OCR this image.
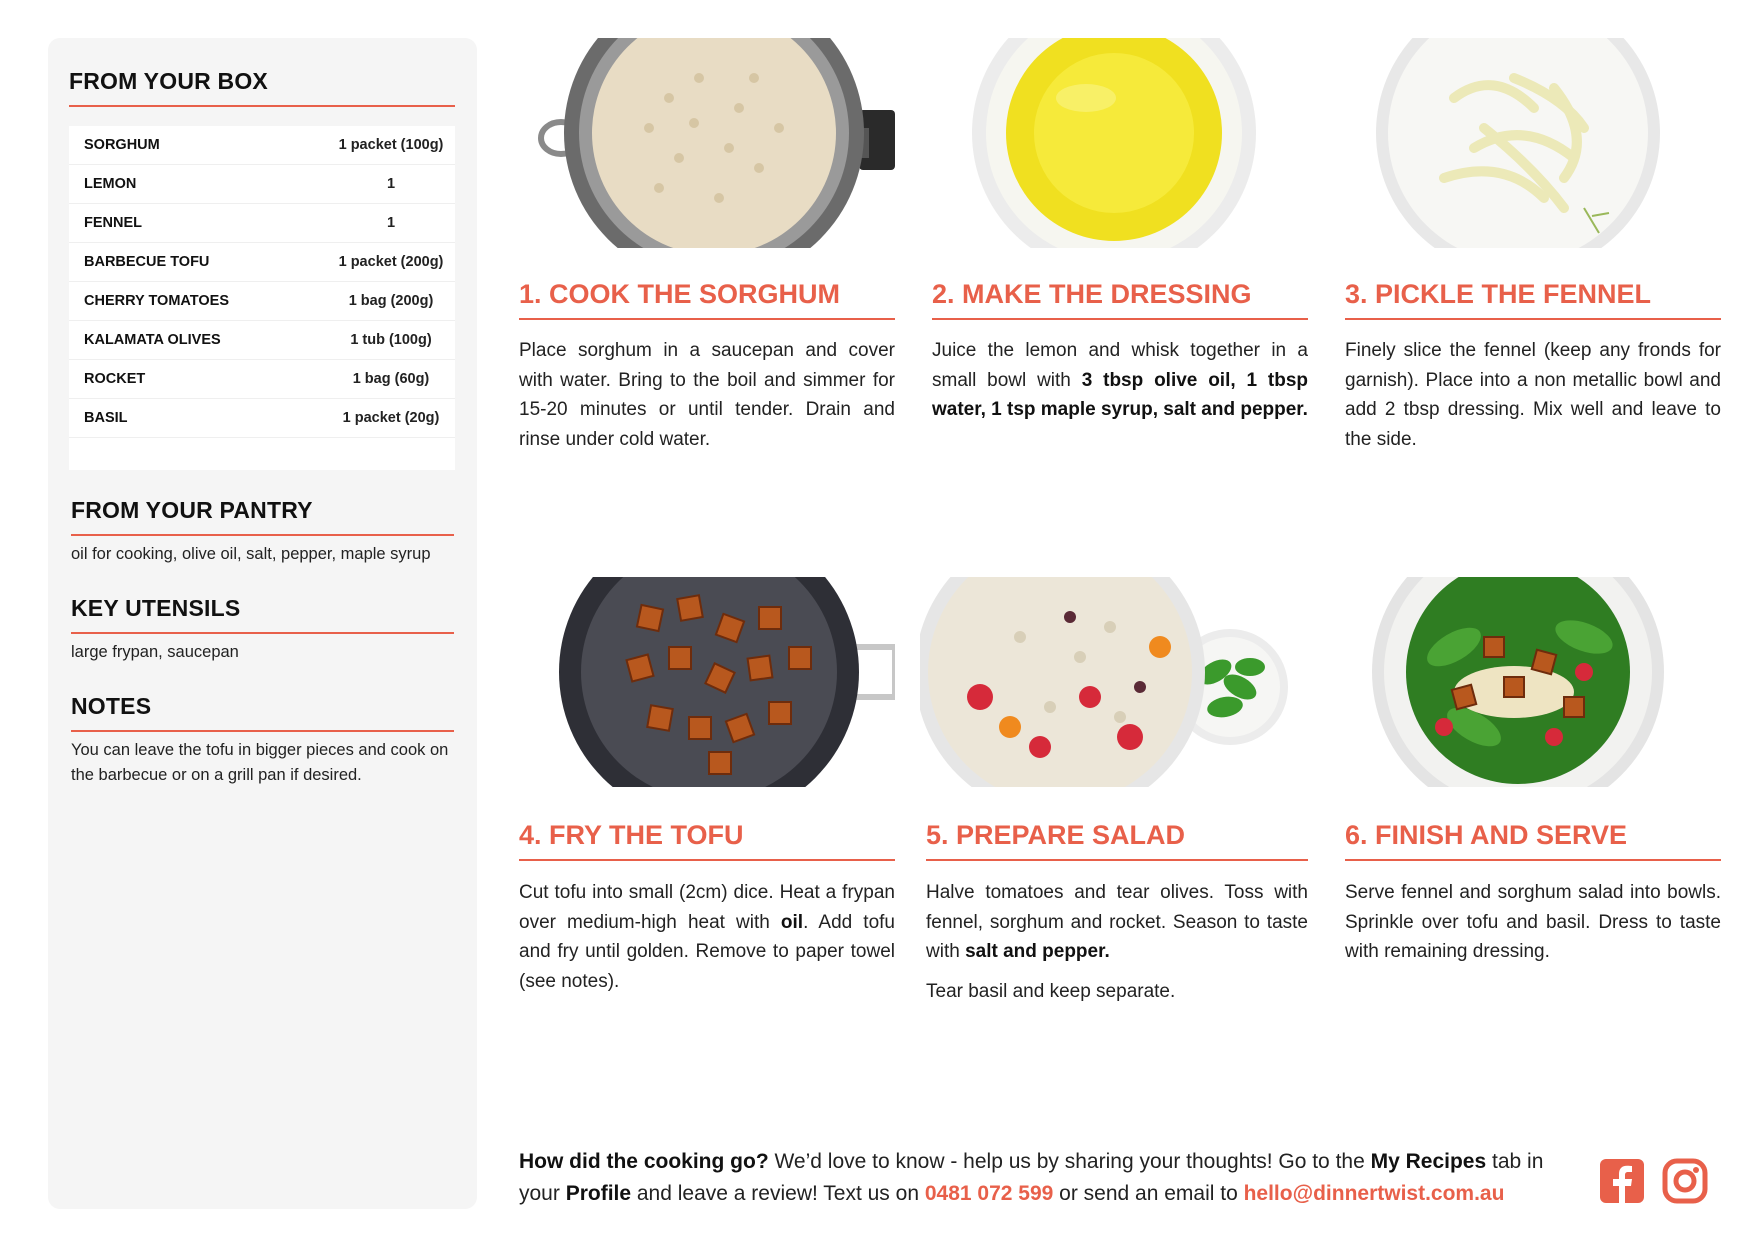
FROM YOUR BOX
SORGHUM	1 packet (100g)
LEMON	1
FENNEL	1
BARBECUE TOFU	1 packet (200g)
CHERRY TOMATOES	1 bag (200g)
KALAMATA OLIVES	1 tub (100g)
ROCKET	1 bag (60g)
BASIL	1 packet (20g)
FROM YOUR PANTRY
oil for cooking, olive oil, salt, pepper, maple syrup
KEY UTENSILS
large frypan, saucepan
NOTES
You can leave the tofu in bigger pieces and cook on the barbecue or on a grill pan if desired.
1. COOK THE SORGHUM	2. MAKE THE DRESSING	3. PICKLE THE FENNEL
4. FRY THE TOFU	5. PREPARE SALAD	6. FINISH AND SERVE
Place sorghum in a saucepan and cover with water. Bring to the boil and simmer for 15-20 minutes or until tender. Drain and rinse under cold water.
Juice the lemon and whisk together in a small bowl with 3 tbsp olive oil, 1 tbsp water, 1 tsp maple syrup, salt and pepper.
Finely slice the fennel (keep any fronds for garnish). Place into a non metallic bowl and add 2 tbsp dressing. Mix well and leave to the side.
Cut tofu into small (2cm) dice. Heat a frypan over medium-high heat with oil. Add tofu and fry until golden. Remove to paper towel (see notes).
Halve tomatoes and tear olives. Toss with fennel, sorghum and rocket. Season to taste with salt and pepper.
Tear basil and keep separate.
Serve fennel and sorghum salad into bowls. Sprinkle over tofu and basil. Dress to taste with remaining dressing.
How did the cooking go? We’d love to know - help us by sharing your thoughts! Go to the My Recipes tab in your Profile and leave a review! Text us on 0481 072 599 or send an email to hello@dinnertwist.com.au
